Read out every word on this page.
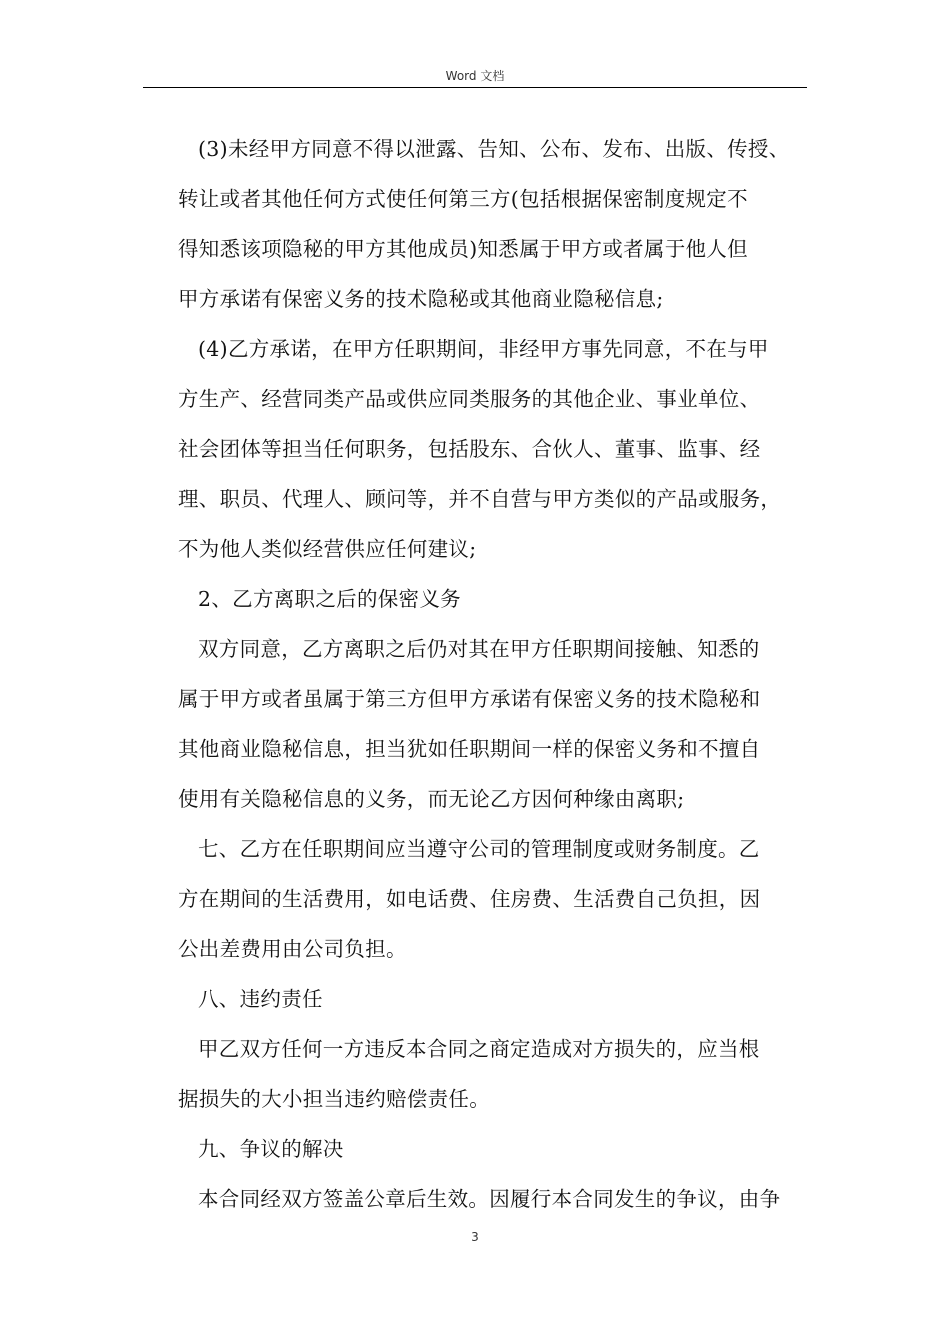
Word 文档
(3)未经甲方同意不得以泄露、告知、公布、发布、出版、传授、
转让或者其他任何方式使任何第三方(包括根据保密制度规定不
得知悉该项隐秘的甲方其他成员)知悉属于甲方或者属于他人但
甲方承诺有保密义务的技术隐秘或其他商业隐秘信息;
(4)乙方承诺，在甲方任职期间，非经甲方事先同意，不在与甲
方生产、经营同类产品或供应同类服务的其他企业、事业单位、
社会团体等担当任何职务，包括股东、合伙人、董事、监事、经
理、职员、代理人、顾问等，并不自营与甲方类似的产品或服务，
不为他人类似经营供应任何建议;
2、乙方离职之后的保密义务
双方同意，乙方离职之后仍对其在甲方任职期间接触、知悉的
属于甲方或者虽属于第三方但甲方承诺有保密义务的技术隐秘和
其他商业隐秘信息，担当犹如任职期间一样的保密义务和不擅自
使用有关隐秘信息的义务，而无论乙方因何种缘由离职;
七、乙方在任职期间应当遵守公司的管理制度或财务制度。乙
方在期间的生活费用，如电话费、住房费、生活费自己负担，因
公出差费用由公司负担。
八、违约责任
甲乙双方任何一方违反本合同之商定造成对方损失的，应当根
据损失的大小担当违约赔偿责任。
九、争议的解决
本合同经双方签盖公章后生效。因履行本合同发生的争议，由争
3
